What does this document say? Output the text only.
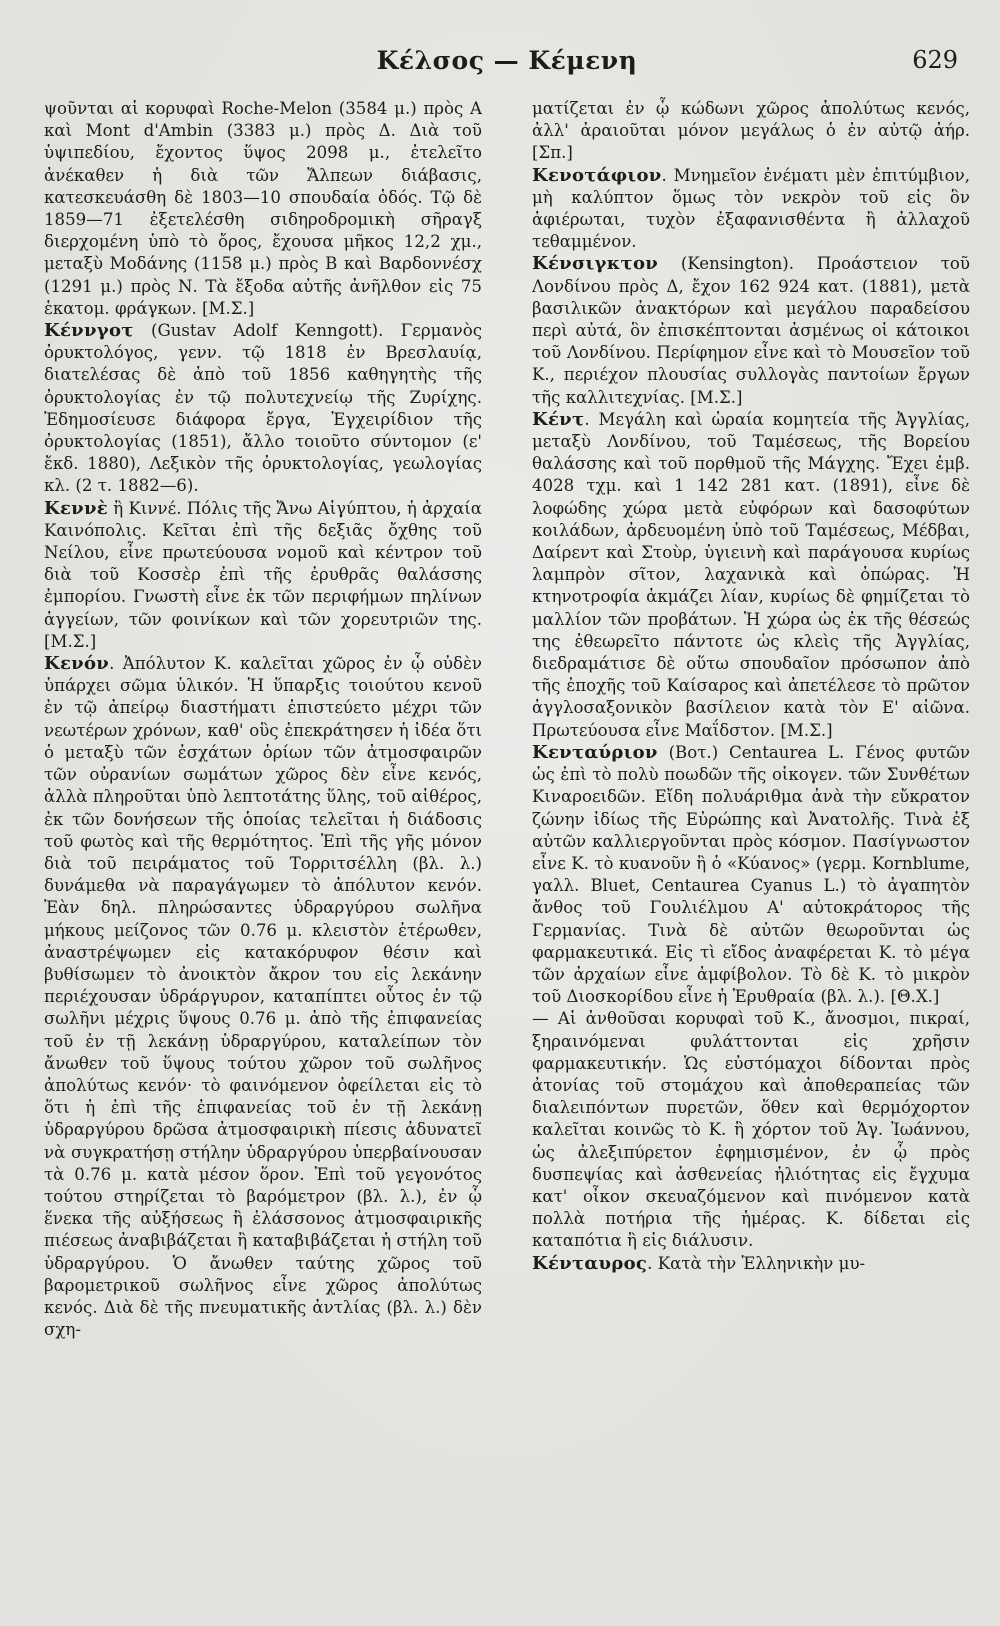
Κέλσος — Κέμενη	629

ψοῦνται αἱ κορυφαὶ Roche-Melon (3584 μ.) πρὸς Α καὶ Mont d'Ambin (3383 μ.) πρὸς Δ. Διὰ τοῦ ὑψιπεδίου, ἔχοντος ὕψος 2098 μ., ἐτελεῖτο ἀνέκαθεν ἡ διὰ τῶν Ἄλπεων διάβασις, κατεσκευάσθη δὲ 1803—10 σπουδαία ὁδός. Τῷ δὲ 1859—71 ἐξετελέσθη σιδηροδρομικὴ σῆραγξ διερχομένη ὑπὸ τὸ ὄρος, ἔχουσα μῆκος 12,2 χμ., μεταξὺ Μοδάνης (1158 μ.) πρὸς Β καὶ Βαρδοννέσχ (1291 μ.) πρὸς Ν. Τὰ ἔξοδα αὐτῆς ἀνῆλθον εἰς 75 ἑκατομ. φράγκων. [Μ.Σ.]

Κέννγοτ (Gustav Adolf Kenngott). Γερμανὸς ὀρυκτολόγος, γενν. τῷ 1818 ἐν Βρεσλαυίᾳ, διατελέσας δὲ ἀπὸ τοῦ 1856 καθηγητὴς τῆς ὀρυκτολογίας ἐν τῷ πολυτεχνείῳ τῆς Ζυρίχης. Ἐδημοσίευσε διάφορα ἔργα, Ἐγχειρίδιον τῆς ὀρυκτολογίας (1851), ἄλλο τοιοῦτο σύντομον (ε' ἔκδ. 1880), Λεξικὸν τῆς ὀρυκτολογίας, γεωλογίας κλ. (2 τ. 1882—6).

Κεννὲ ἢ Κιννέ. Πόλις τῆς Ἄνω Αἰγύπτου, ἡ ἀρχαία Καινόπολις. Κεῖται ἐπὶ τῆς δεξιᾶς ὄχθης τοῦ Νείλου, εἶνε πρωτεύουσα νομοῦ καὶ κέντρον τοῦ διὰ τοῦ Κοσσὲρ ἐπὶ τῆς ἐρυθρᾶς θαλάσσης ἐμπορίου. Γνωστὴ εἶνε ἐκ τῶν περιφήμων πηλίνων ἀγγείων, τῶν φοινίκων καὶ τῶν χορευτριῶν της. [Μ.Σ.]

Κενόν. Ἀπόλυτον Κ. καλεῖται χῶρος ἐν ᾧ οὐδὲν ὑπάρχει σῶμα ὑλικόν. Ἡ ὕπαρξις τοιούτου κενοῦ ἐν τῷ ἀπείρῳ διαστήματι ἐπιστεύετο μέχρι τῶν νεωτέρων χρόνων, καθ' οὓς ἐπεκράτησεν ἡ ἰδέα ὅτι ὁ μεταξὺ τῶν ἐσχάτων ὁρίων τῶν ἀτμοσφαιρῶν τῶν οὐρανίων σωμάτων χῶρος δὲν εἶνε κενός, ἀλλὰ πληροῦται ὑπὸ λεπτοτάτης ὕλης, τοῦ αἰθέρος, ἐκ τῶν δονήσεων τῆς ὁποίας τελεῖται ἡ διάδοσις τοῦ φωτὸς καὶ τῆς θερμότητος. Ἐπὶ τῆς γῆς μόνον διὰ τοῦ πειράματος τοῦ Τορριτσέλλη (βλ. λ.) δυνάμεθα νὰ παραγάγωμεν τὸ ἀπόλυτον κενόν. Ἐὰν δηλ. πληρώσαντες ὑδραργύρου σωλῆνα μήκους μείζονος τῶν 0.76 μ. κλειστὸν ἑτέρωθεν, ἀναστρέψωμεν εἰς κατακόρυφον θέσιν καὶ βυθίσωμεν τὸ ἀνοικτὸν ἄκρον του εἰς λεκάνην περιέχουσαν ὑδράργυρον, καταπίπτει οὗτος ἐν τῷ σωλῆνι μέχρις ὕψους 0.76 μ. ἀπὸ τῆς ἐπιφανείας τοῦ ἐν τῇ λεκάνῃ ὑδραργύρου, καταλείπων τὸν ἄνωθεν τοῦ ὕψους τούτου χῶρον τοῦ σωλῆνος ἀπολύτως κενόν· τὸ φαινόμενον ὀφείλεται εἰς τὸ ὅτι ἡ ἐπὶ τῆς ἐπιφανείας τοῦ ἐν τῇ λεκάνῃ ὑδραργύρου δρῶσα ἀτμοσφαιρικὴ πίεσις ἀδυνατεῖ νὰ συγκρατήσῃ στήλην ὑδραργύρου ὑπερβαίνουσαν τὰ 0.76 μ. κατὰ μέσον ὅρον. Ἐπὶ τοῦ γεγονότος τούτου στηρίζεται τὸ βαρόμετρον (βλ. λ.), ἐν ᾧ ἕνεκα τῆς αὐξήσεως ἢ ἐλάσσονος ἀτμοσφαιρικῆς πιέσεως ἀναβιβάζεται ἢ καταβιβάζεται ἡ στήλη τοῦ ὑδραργύρου. Ὁ ἄνωθεν ταύτης χῶρος τοῦ βαρομετρικοῦ σωλῆνος εἶνε χῶρος ἀπολύτως κενός. Διὰ δὲ τῆς πνευματικῆς ἀντλίας (βλ. λ.) δὲν σχη-

ματίζεται ἐν ᾧ κώδωνι χῶρος ἀπολύτως κενός, ἀλλ' ἀραιοῦται μόνον μεγάλως ὁ ἐν αὐτῷ ἀήρ. [Σπ.]

Κενοτάφιον. Μνημεῖον ἐνέματι μὲν ἐπιτύμβιον, μὴ καλύπτον ὅμως τὸν νεκρὸν τοῦ εἰς ὃν ἀφιέρωται, τυχὸν ἐξαφανισθέντα ἢ ἀλλαχοῦ τεθαμμένον.

Κένσιγκτον (Kensington). Προάστειον τοῦ Λονδίνου πρὸς Δ, ἔχον 162 924 κατ. (1881), μετὰ βασιλικῶν ἀνακτόρων καὶ μεγάλου παραδείσου περὶ αὐτά, ὃν ἐπισκέπτονται ἀσμένως οἱ κάτοικοι τοῦ Λονδίνου. Περίφημον εἶνε καὶ τὸ Μουσεῖον τοῦ Κ., περιέχον πλουσίας συλλογὰς παντοίων ἔργων τῆς καλλιτεχνίας. [Μ.Σ.]

Κέντ. Μεγάλη καὶ ὡραία κομητεία τῆς Ἀγγλίας, μεταξὺ Λονδίνου, τοῦ Ταμέσεως, τῆς Βορείου θαλάσσης καὶ τοῦ πορθμοῦ τῆς Μάγχης. Ἔχει ἐμβ. 4028 τχμ. καὶ 1 142 281 κατ. (1891), εἶνε δὲ λοφώδης χώρα μετὰ εὐφόρων καὶ δασοφύτων κοιλάδων, ἀρδευομένη ὑπὸ τοῦ Ταμέσεως, Μέδβαι, Δαίρεντ καὶ Στοὺρ, ὑγιεινὴ καὶ παράγουσα κυρίως λαμπρὸν σῖτον, λαχανικὰ καὶ ὀπώρας. Ἡ κτηνοτροφία ἀκμάζει λίαν, κυρίως δὲ φημίζεται τὸ μαλλίον τῶν προβάτων. Ἡ χώρα ὡς ἐκ τῆς θέσεώς της ἐθεωρεῖτο πάντοτε ὡς κλεὶς τῆς Ἀγγλίας, διεδραμάτισε δὲ οὕτω σπουδαῖον πρόσωπον ἀπὸ τῆς ἐποχῆς τοῦ Καίσαρος καὶ ἀπετέλεσε τὸ πρῶτον ἀγγλοσαξονικὸν βασίλειον κατὰ τὸν Ε' αἰῶνα. Πρωτεύουσα εἶνε Μαΐδστον. [Μ.Σ.]

Κενταύριον (Βοτ.) Centaurea L. Γένος φυτῶν ὡς ἐπὶ τὸ πολὺ ποωδῶν τῆς οἰκογεν. τῶν Συνθέτων Κιναροειδῶν. Εἴδη πολυάριθμα ἀνὰ τὴν εὔκρατον ζώνην ἰδίως τῆς Εὐρώπης καὶ Ἀνατολῆς. Τινὰ ἐξ αὐτῶν καλλιεργοῦνται πρὸς κόσμον. Πασίγνωστον εἶνε Κ. τὸ κυανοῦν ἢ ὁ «Κύανος» (γερμ. Kornblume, γαλλ. Bluet, Centaurea Cyanus L.) τὸ ἀγαπητὸν ἄνθος τοῦ Γουλιέλμου Α' αὐτοκράτορος τῆς Γερμανίας. Τινὰ δὲ αὐτῶν θεωροῦνται ὡς φαρμακευτικά. Εἰς τὶ εἴδος ἀναφέρεται Κ. τὸ μέγα τῶν ἀρχαίων εἶνε ἀμφίβολον. Τὸ δὲ Κ. τὸ μικρὸν τοῦ Διοσκορίδου εἶνε ἡ Ἐρυθραία (βλ. λ.). [Θ.Χ.]

— Αἱ ἀνθοῦσαι κορυφαὶ τοῦ Κ., ἄνοσμοι, πικραί, ξηραινόμεναι φυλάττονται εἰς χρῆσιν φαρμακευτικήν. Ὡς εὐστόμαχοι δίδονται πρὸς ἀτονίας τοῦ στομάχου καὶ ἀποθεραπείας τῶν διαλειπόντων πυρετῶν, ὅθεν καὶ θερμόχορτον καλεῖται κοινῶς τὸ Κ. ἢ χόρτον τοῦ Ἁγ. Ἰωάννου, ὡς ἀλεξιπύρετον ἐφημισμένον, ἐν ᾧ πρὸς δυσπεψίας καὶ ἀσθενείας ἠλιότητας εἰς ἔγχυμα κατ' οἶκον σκευαζόμενον καὶ πινόμενον κατὰ πολλὰ ποτήρια τῆς ἡμέρας. Κ. δίδεται εἰς καταπότια ἢ εἰς διάλυσιν.

Κένταυρος. Κατὰ τὴν Ἑλληνικὴν μυ-
